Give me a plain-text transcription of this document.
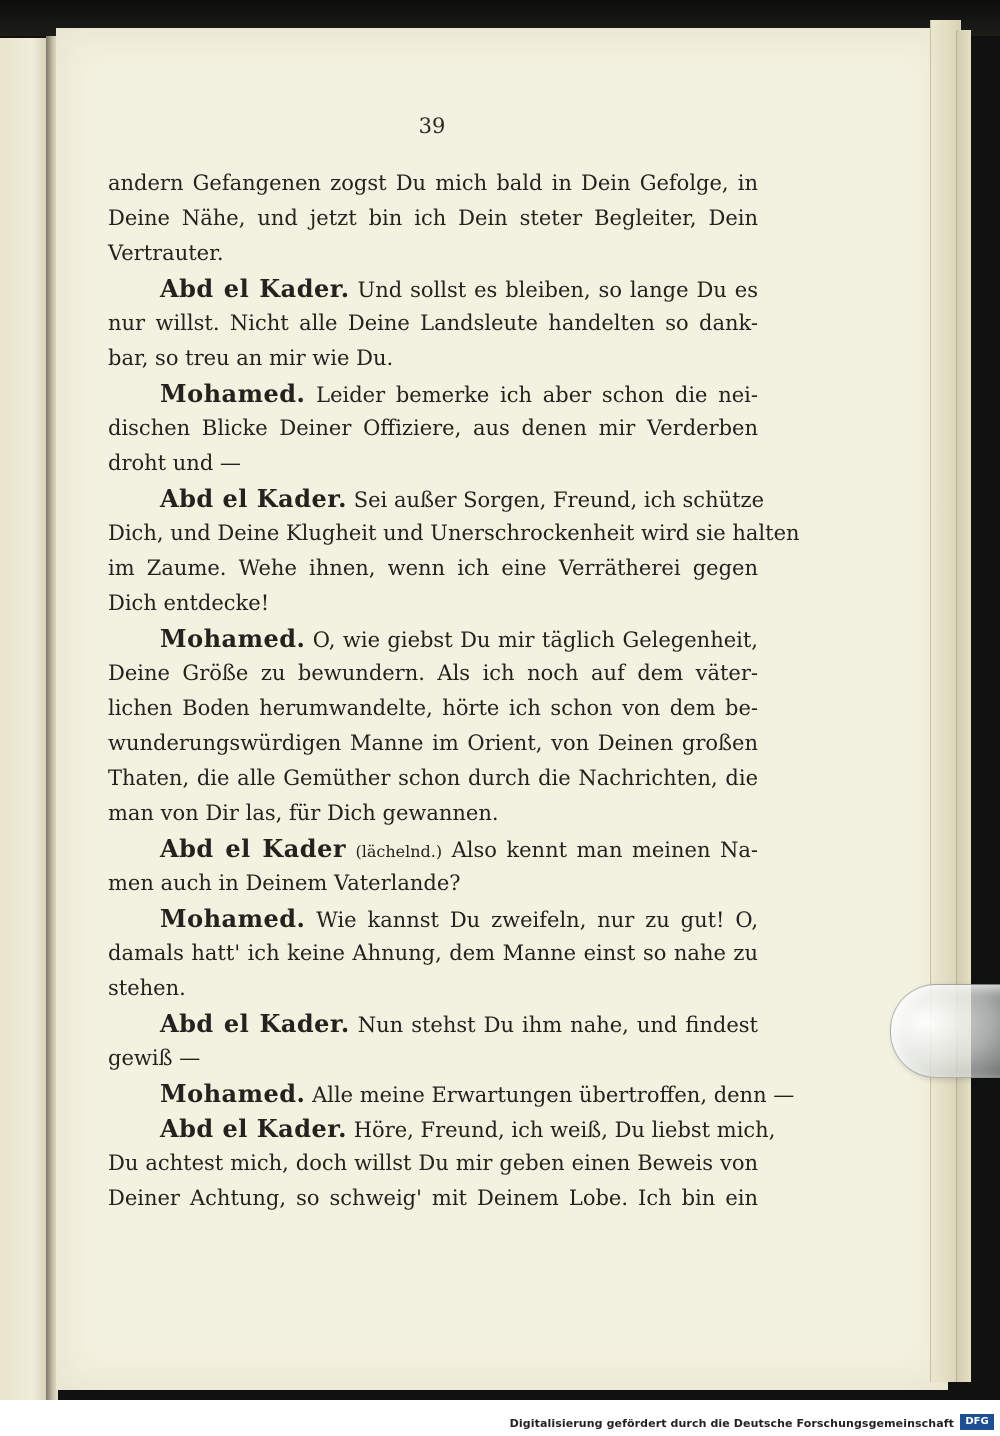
39
andern Gefangenen zogst Du mich bald in Dein Gefolge, in
Deine Nähe, und jetzt bin ich Dein steter Begleiter, Dein
Vertrauter.
Abd el Kader. Und sollst es bleiben, so lange Du es
nur willst. Nicht alle Deine Landsleute handelten so dank-
bar, so treu an mir wie Du.
Mohamed. Leider bemerke ich aber schon die nei-
dischen Blicke Deiner Offiziere, aus denen mir Verderben
droht und —
Abd el Kader. Sei außer Sorgen, Freund, ich schütze
Dich, und Deine Klugheit und Unerschrockenheit wird sie halten
im Zaume. Wehe ihnen, wenn ich eine Verrätherei gegen
Dich entdecke!
Mohamed. O, wie giebst Du mir täglich Gelegenheit,
Deine Größe zu bewundern. Als ich noch auf dem väter-
lichen Boden herumwandelte, hörte ich schon von dem be-
wunderungswürdigen Manne im Orient, von Deinen großen
Thaten, die alle Gemüther schon durch die Nachrichten, die
man von Dir las, für Dich gewannen.
Abd el Kader (lächelnd.) Also kennt man meinen Na-
men auch in Deinem Vaterlande?
Mohamed. Wie kannst Du zweifeln, nur zu gut! O,
damals hatt' ich keine Ahnung, dem Manne einst so nahe zu
stehen.
Abd el Kader. Nun stehst Du ihm nahe, und findest
gewiß —
Mohamed. Alle meine Erwartungen übertroffen, denn —
Abd el Kader. Höre, Freund, ich weiß, Du liebst mich,
Du achtest mich, doch willst Du mir geben einen Beweis von
Deiner Achtung, so schweig' mit Deinem Lobe. Ich bin ein
Digitalisierung gefördert durch die Deutsche Forschungsgemeinschaft	DFG
